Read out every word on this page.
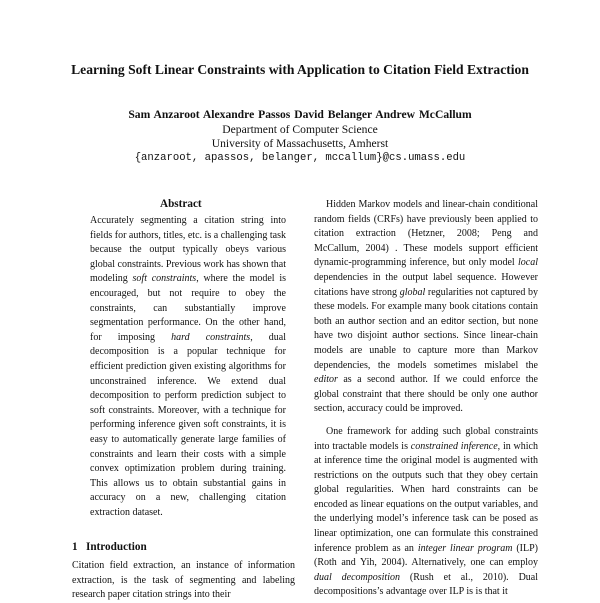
Learning Soft Linear Constraints with Application to Citation Field Extraction
Sam Anzaroot Alexandre Passos David Belanger Andrew McCallum
Department of Computer Science
University of Massachusetts, Amherst
{anzaroot, apassos, belanger, mccallum}@cs.umass.edu
Abstract

Accurately segmenting a citation string into fields for authors, titles, etc. is a challenging task because the output typically obeys various global constraints. Previous work has shown that modeling soft constraints, where the model is encouraged, but not require to obey the constraints, can substantially improve segmentation performance. On the other hand, for imposing hard constraints, dual decomposition is a popular technique for efficient prediction given existing algorithms for unconstrained inference. We extend dual decomposition to perform prediction subject to soft constraints. Moreover, with a technique for performing inference given soft constraints, it is easy to automatically generate large families of constraints and learn their costs with a simple convex optimization problem during training. This allows us to obtain substantial gains in accuracy on a new, challenging citation extraction dataset.

1 Introduction

Citation field extraction, an instance of information extraction, is the task of segmenting and labeling research paper citation strings into their

Hidden Markov models and linear-chain conditional random fields (CRFs) have previously been applied to citation extraction (Hetzner, 2008; Peng and McCallum, 2004) . These models support efficient dynamic-programming inference, but only model local dependencies in the output label sequence. However citations have strong global regularities not captured by these models. For example many book citations contain both an author section and an editor section, but none have two disjoint author sections. Since linear-chain models are unable to capture more than Markov dependencies, the models sometimes mislabel the editor as a second author. If we could enforce the global constraint that there should be only one author section, accuracy could be improved.

One framework for adding such global constraints into tractable models is constrained inference, in which at inference time the original model is augmented with restrictions on the outputs such that they obey certain global regularities. When hard constraints can be encoded as linear equations on the output variables, and the underlying model’s inference task can be posed as linear optimization, one can formulate this constrained inference problem as an integer linear program (ILP) (Roth and Yih, 2004). Alternatively, one can employ dual decomposition (Rush et al., 2010). Dual decompositions’s advantage over ILP is is that it
